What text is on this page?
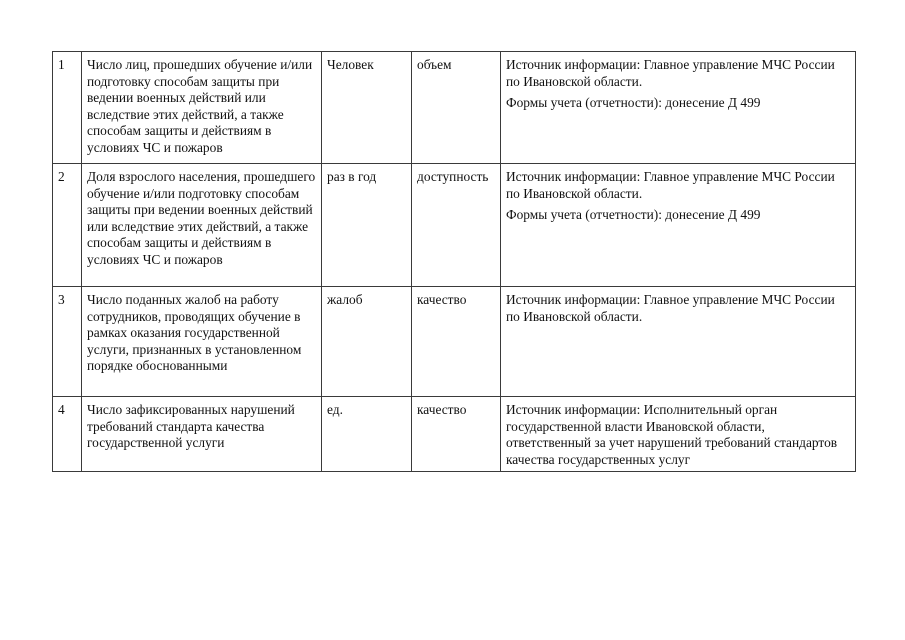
1	Число лиц, прошедших обучение и/или подготовку способам защиты при ведении военных действий или вследствие этих действий, а также способам защиты и действиям в условиях ЧС и пожаров	Человек	объем	Источник информации: Главное управление МЧС России по Ивановской области.

Формы учета (отчетности): донесение Д 499

2	Доля взрослого населения, прошедшего обучение и/или подготовку способам защиты при ведении военных действий или вследствие этих действий, а также способам защиты и действиям в условиях ЧС и пожаров	раз в год	доступность	Источник информации: Главное управление МЧС России по Ивановской области.

Формы учета (отчетности): донесение Д 499

3	Число поданных жалоб на работу сотрудников, проводящих обучение в рамках оказания государственной услуги, признанных в установленном порядке обоснованными	жалоб	качество	Источник информации: Главное управление МЧС России по Ивановской области.

4	Число зафиксированных нарушений требований стандарта качества государственной услуги	ед.	качество	Источник информации: Исполнительный орган государственной власти Ивановской области, ответственный за учет нарушений требований стандартов качества государственных услуг
